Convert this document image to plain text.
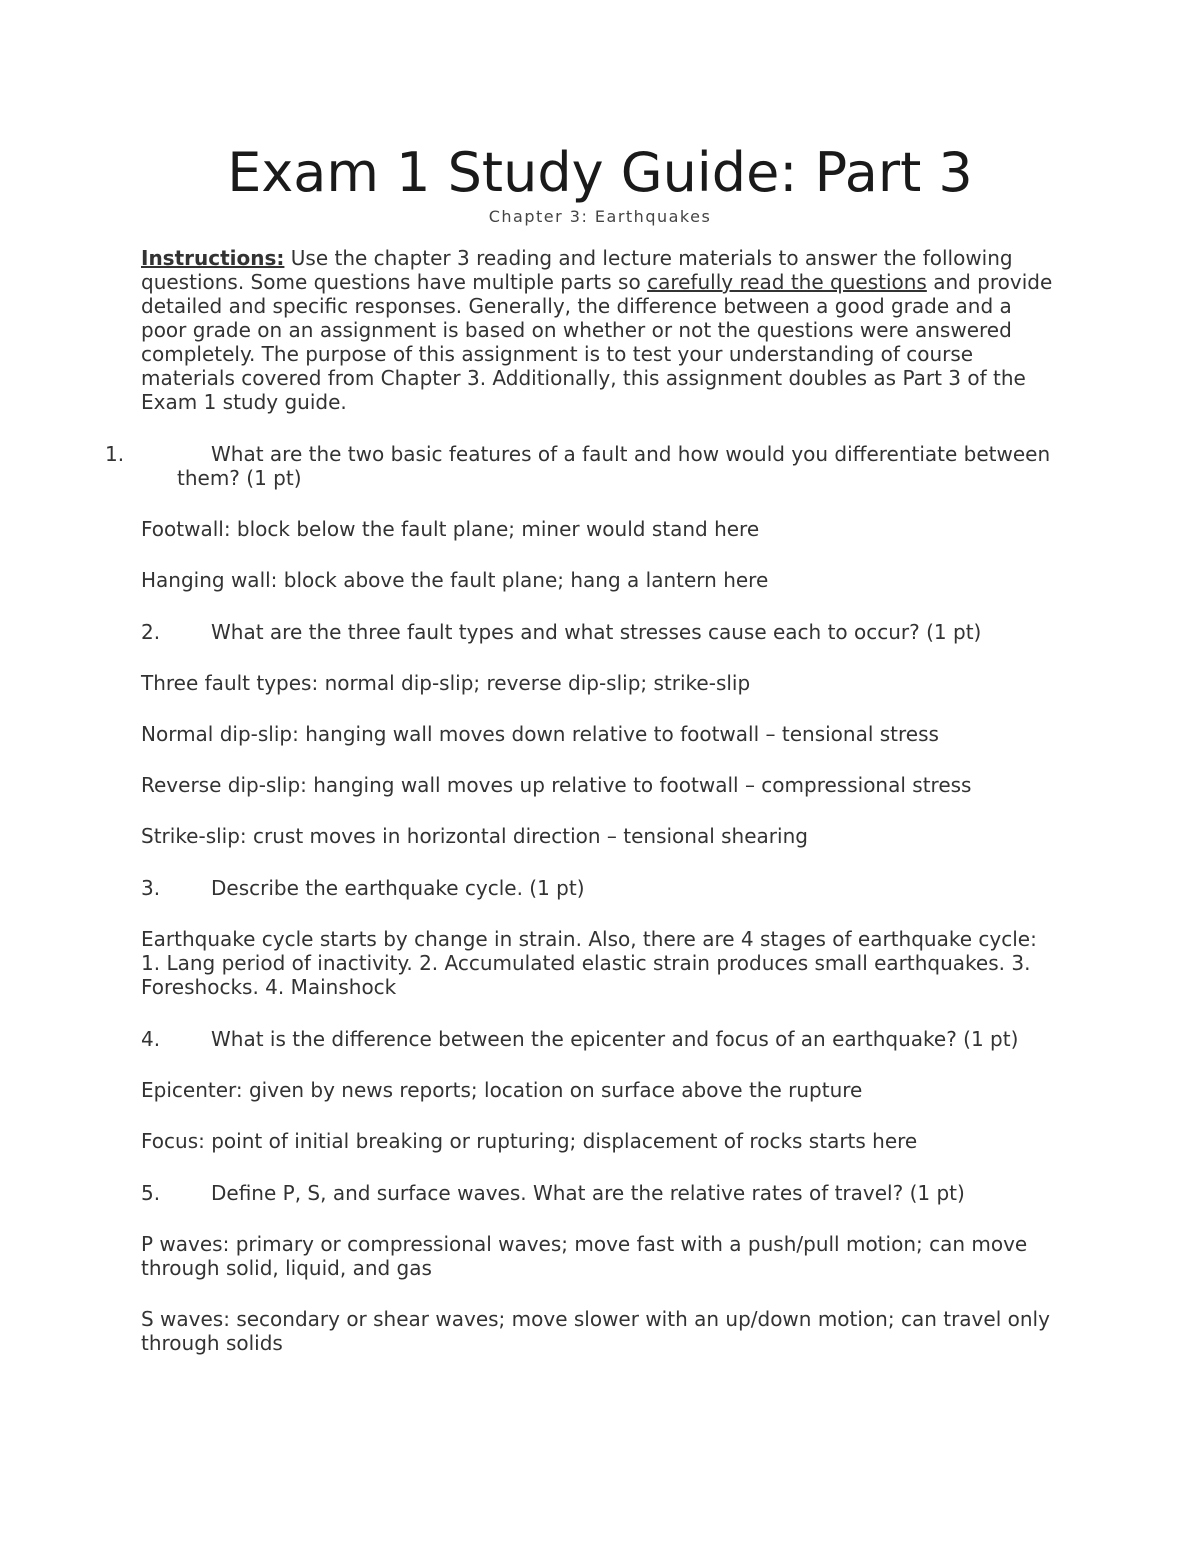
Exam 1 Study Guide: Part 3

Chapter 3: Earthquakes

Instructions: Use the chapter 3 reading and lecture materials to answer the following questions. Some questions have multiple parts so carefully read the questions and provide detailed and specific responses. Generally, the difference between a good grade and a poor grade on an assignment is based on whether or not the questions were answered completely. The purpose of this assignment is to test your understanding of course materials covered from Chapter 3. Additionally, this assignment doubles as Part 3 of the Exam 1 study guide.

1.	What are the two basic features of a fault and how would you differentiate between them? (1 pt)

Footwall: block below the fault plane; miner would stand here

Hanging wall: block above the fault plane; hang a lantern here

2.	What are the three fault types and what stresses cause each to occur? (1 pt)

Three fault types: normal dip-slip; reverse dip-slip; strike-slip

Normal dip-slip: hanging wall moves down relative to footwall – tensional stress

Reverse dip-slip: hanging wall moves up relative to footwall – compressional stress

Strike-slip: crust moves in horizontal direction – tensional shearing

3.	Describe the earthquake cycle. (1 pt)

Earthquake cycle starts by change in strain. Also, there are 4 stages of earthquake cycle: 1. Lang period of inactivity. 2. Accumulated elastic strain produces small earthquakes. 3. Foreshocks. 4. Mainshock

4.	What is the difference between the epicenter and focus of an earthquake? (1 pt)

Epicenter: given by news reports; location on surface above the rupture

Focus: point of initial breaking or rupturing; displacement of rocks starts here

5.	Define P, S, and surface waves. What are the relative rates of travel? (1 pt)

P waves: primary or compressional waves; move fast with a push/pull motion; can move through solid, liquid, and gas

S waves: secondary or shear waves; move slower with an up/down motion; can travel only through solids
